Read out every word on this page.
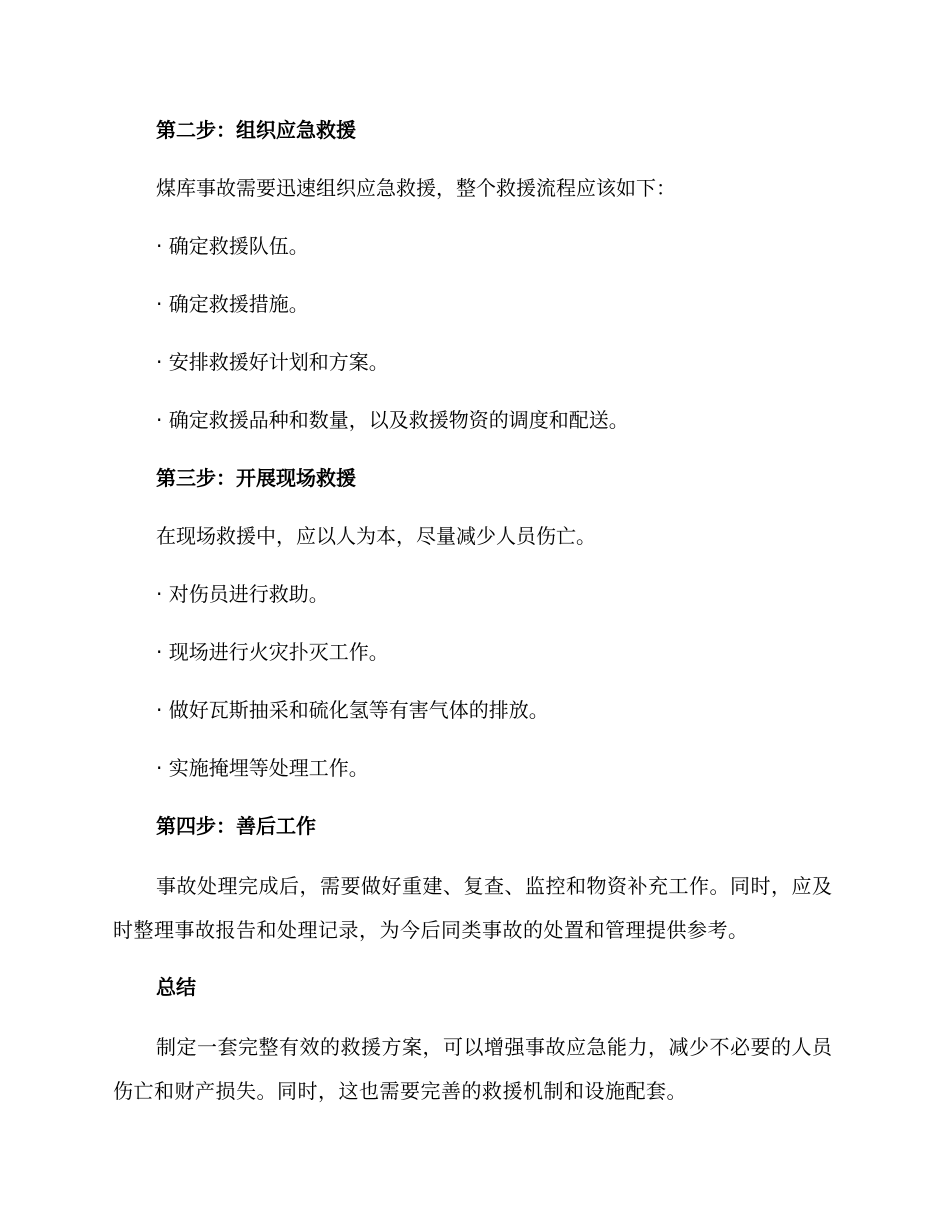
第二步：组织应急救援
煤库事故需要迅速组织应急救援，整个救援流程应该如下：
· 确定救援队伍。
· 确定救援措施。
· 安排救援好计划和方案。
· 确定救援品种和数量，以及救援物资的调度和配送。
第三步：开展现场救援
在现场救援中，应以人为本，尽量减少人员伤亡。
· 对伤员进行救助。
· 现场进行火灾扑灭工作。
· 做好瓦斯抽采和硫化氢等有害气体的排放。
· 实施掩埋等处理工作。
第四步：善后工作
事故处理完成后，需要做好重建、复查、监控和物资补充工作。同时，应及时整理事故报告和处理记录，为今后同类事故的处置和管理提供参考。
总结
制定一套完整有效的救援方案，可以增强事故应急能力，减少不必要的人员伤亡和财产损失。同时，这也需要完善的救援机制和设施配套。
